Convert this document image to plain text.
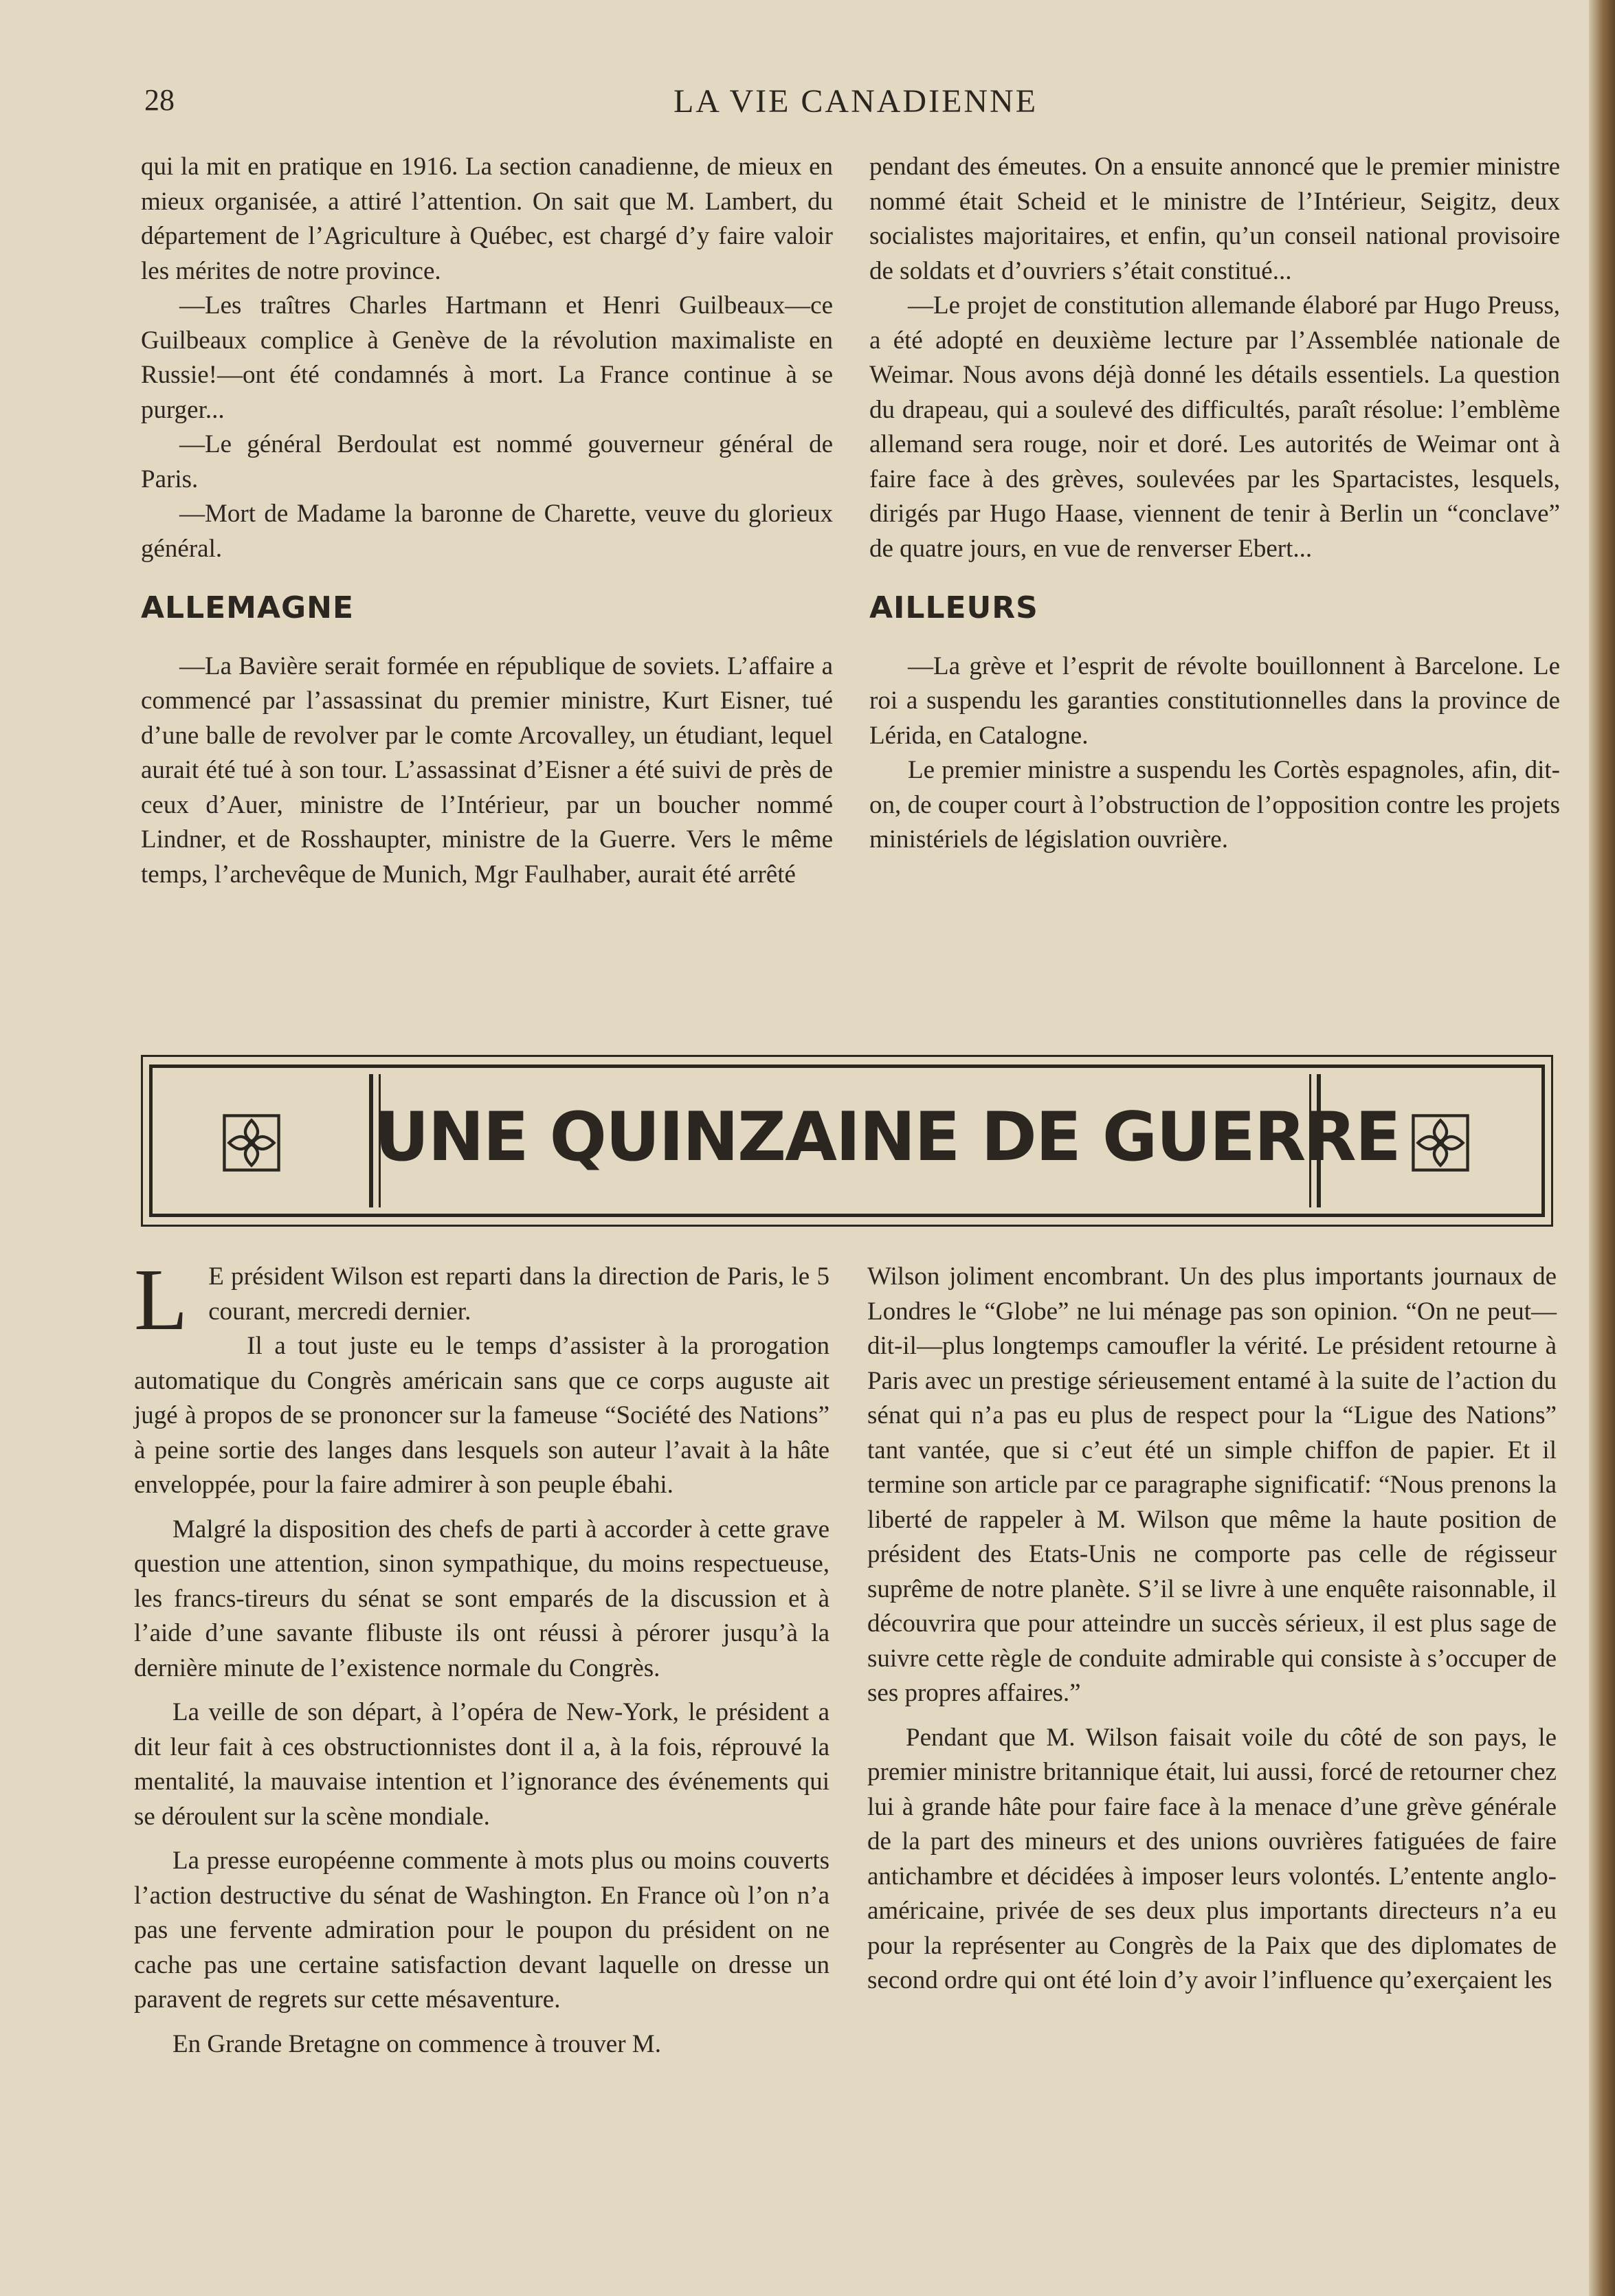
28	LA VIE CANADIENNE

qui la mit en pratique en 1916. La section canadienne, de mieux en mieux organisée, a attiré l’attention. On sait que M. Lambert, du département de l’Agriculture à Québec, est chargé d’y faire valoir les mérites de notre province.

—Les traîtres Charles Hartmann et Henri Guilbeaux—ce Guilbeaux complice à Genève de la révolution maximaliste en Russie!—ont été condamnés à mort. La France continue à se purger...

—Le général Berdoulat est nommé gouverneur général de Paris.

—Mort de Madame la baronne de Charette, veuve du glorieux général.

ALLEMAGNE

—La Bavière serait formée en république de soviets. L’affaire a commencé par l’assassinat du premier ministre, Kurt Eisner, tué d’une balle de revolver par le comte Arcovalley, un étudiant, lequel aurait été tué à son tour. L’assassinat d’Eisner a été suivi de près de ceux d’Auer, ministre de l’Intérieur, par un boucher nommé Lindner, et de Rosshaupter, ministre de la Guerre. Vers le même temps, l’archevêque de Munich, Mgr Faulhaber, aurait été arrêté

pendant des émeutes. On a ensuite annoncé que le premier ministre nommé était Scheid et le ministre de l’Intérieur, Seigitz, deux socialistes majoritaires, et enfin, qu’un conseil national provisoire de soldats et d’ouvriers s’était constitué...

—Le projet de constitution allemande élaboré par Hugo Preuss, a été adopté en deuxième lecture par l’Assemblée nationale de Weimar. Nous avons déjà donné les détails essentiels. La question du drapeau, qui a soulevé des difficultés, paraît résolue: l’emblème allemand sera rouge, noir et doré. Les autorités de Weimar ont à faire face à des grèves, soulevées par les Spartacistes, lesquels, dirigés par Hugo Haase, viennent de tenir à Berlin un “conclave” de quatre jours, en vue de renverser Ebert...

AILLEURS

—La grève et l’esprit de révolte bouillonnent à Barcelone. Le roi a suspendu les garanties constitutionnelles dans la province de Lérida, en Catalogne.

Le premier ministre a suspendu les Cortès espagnoles, afin, dit-on, de couper court à l’obstruction de l’opposition contre les projets ministériels de législation ouvrière.

UNE QUINZAINE DE GUERRE

L E président Wilson est reparti dans la direction de Paris, le 5 courant, mercredi dernier.

Il a tout juste eu le temps d’assister à la prorogation automatique du Congrès américain sans que ce corps auguste ait jugé à propos de se prononcer sur la fameuse “Société des Nations” à peine sortie des langes dans lesquels son auteur l’avait à la hâte enveloppée, pour la faire admirer à son peuple ébahi.

Malgré la disposition des chefs de parti à accorder à cette grave question une attention, sinon sympathique, du moins respectueuse, les francs-tireurs du sénat se sont emparés de la discussion et à l’aide d’une savante flibuste ils ont réussi à pérorer jusqu’à la dernière minute de l’existence normale du Congrès.

La veille de son départ, à l’opéra de New-York, le président a dit leur fait à ces obstructionnistes dont il a, à la fois, réprouvé la mentalité, la mauvaise intention et l’ignorance des événements qui se déroulent sur la scène mondiale.

La presse européenne commente à mots plus ou moins couverts l’action destructive du sénat de Washington. En France où l’on n’a pas une fervente admiration pour le poupon du président on ne cache pas une certaine satisfaction devant laquelle on dresse un paravent de regrets sur cette mésaventure.

En Grande Bretagne on commence à trouver M.

Wilson joliment encombrant. Un des plus importants journaux de Londres le “Globe” ne lui ménage pas son opinion. “On ne peut—dit-il—plus longtemps camoufler la vérité. Le président retourne à Paris avec un prestige sérieusement entamé à la suite de l’action du sénat qui n’a pas eu plus de respect pour la “Ligue des Nations” tant vantée, que si c’eut été un simple chiffon de papier. Et il termine son article par ce paragraphe significatif: “Nous prenons la liberté de rappeler à M. Wilson que même la haute position de président des Etats-Unis ne comporte pas celle de régisseur suprême de notre planète. S’il se livre à une enquête raisonnable, il découvrira que pour atteindre un succès sérieux, il est plus sage de suivre cette règle de conduite admirable qui consiste à s’occuper de ses propres affaires.”

Pendant que M. Wilson faisait voile du côté de son pays, le premier ministre britannique était, lui aussi, forcé de retourner chez lui à grande hâte pour faire face à la menace d’une grève générale de la part des mineurs et des unions ouvrières fatiguées de faire antichambre et décidées à imposer leurs volontés. L’entente anglo-américaine, privée de ses deux plus importants directeurs n’a eu pour la représenter au Congrès de la Paix que des diplomates de second ordre qui ont été loin d’y avoir l’influence qu’exerçaient les
